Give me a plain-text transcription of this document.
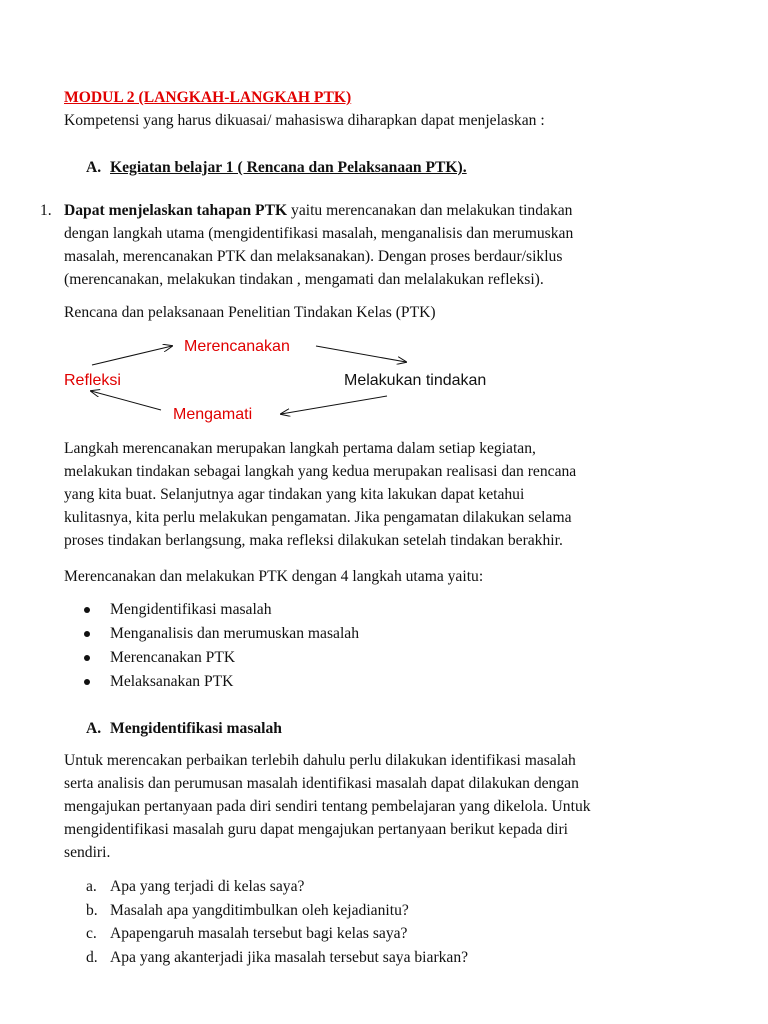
MODUL 2 (LANGKAH-LANGKAH PTK)
Kompetensi yang harus dikuasai/ mahasiswa diharapkan dapat menjelaskan :
A. Kegiatan belajar 1 ( Rencana dan Pelaksanaan PTK).
1. Dapat menjelaskan tahapan PTK yaitu merencanakan dan melakukan tindakan
dengan langkah utama (mengidentifikasi masalah, menganalisis dan merumuskan
masalah, merencanakan PTK dan melaksanakan). Dengan proses berdaur/siklus
(merencanakan, melakukan tindakan , mengamati dan melalakukan refleksi).
Rencana dan pelaksanaan Penelitian Tindakan Kelas (PTK)
Merencanakan
Refleksi	Melakukan tindakan
Mengamati
Langkah merencanakan merupakan langkah pertama dalam setiap kegiatan,
melakukan tindakan sebagai langkah yang kedua merupakan realisasi dan rencana
yang kita buat. Selanjutnya agar tindakan yang kita lakukan dapat ketahui
kulitasnya, kita perlu melakukan pengamatan. Jika pengamatan dilakukan selama
proses tindakan berlangsung, maka refleksi dilakukan setelah tindakan berakhir.
Merencanakan dan melakukan PTK dengan 4 langkah utama yaitu:
Mengidentifikasi masalah
Menganalisis dan merumuskan masalah
Merencanakan PTK
Melaksanakan PTK
A. Mengidentifikasi masalah
Untuk merencakan perbaikan terlebih dahulu perlu dilakukan identifikasi masalah
serta analisis dan perumusan masalah identifikasi masalah dapat dilakukan dengan
mengajukan pertanyaan pada diri sendiri tentang pembelajaran yang dikelola. Untuk
mengidentifikasi masalah guru dapat mengajukan pertanyaan berikut kepada diri
sendiri.
a. Apa yang terjadi di kelas saya?
b. Masalah apa yangditimbulkan oleh kejadianitu?
c. Apapengaruh masalah tersebut bagi kelas saya?
d. Apa yang akanterjadi jika masalah tersebut saya biarkan?
